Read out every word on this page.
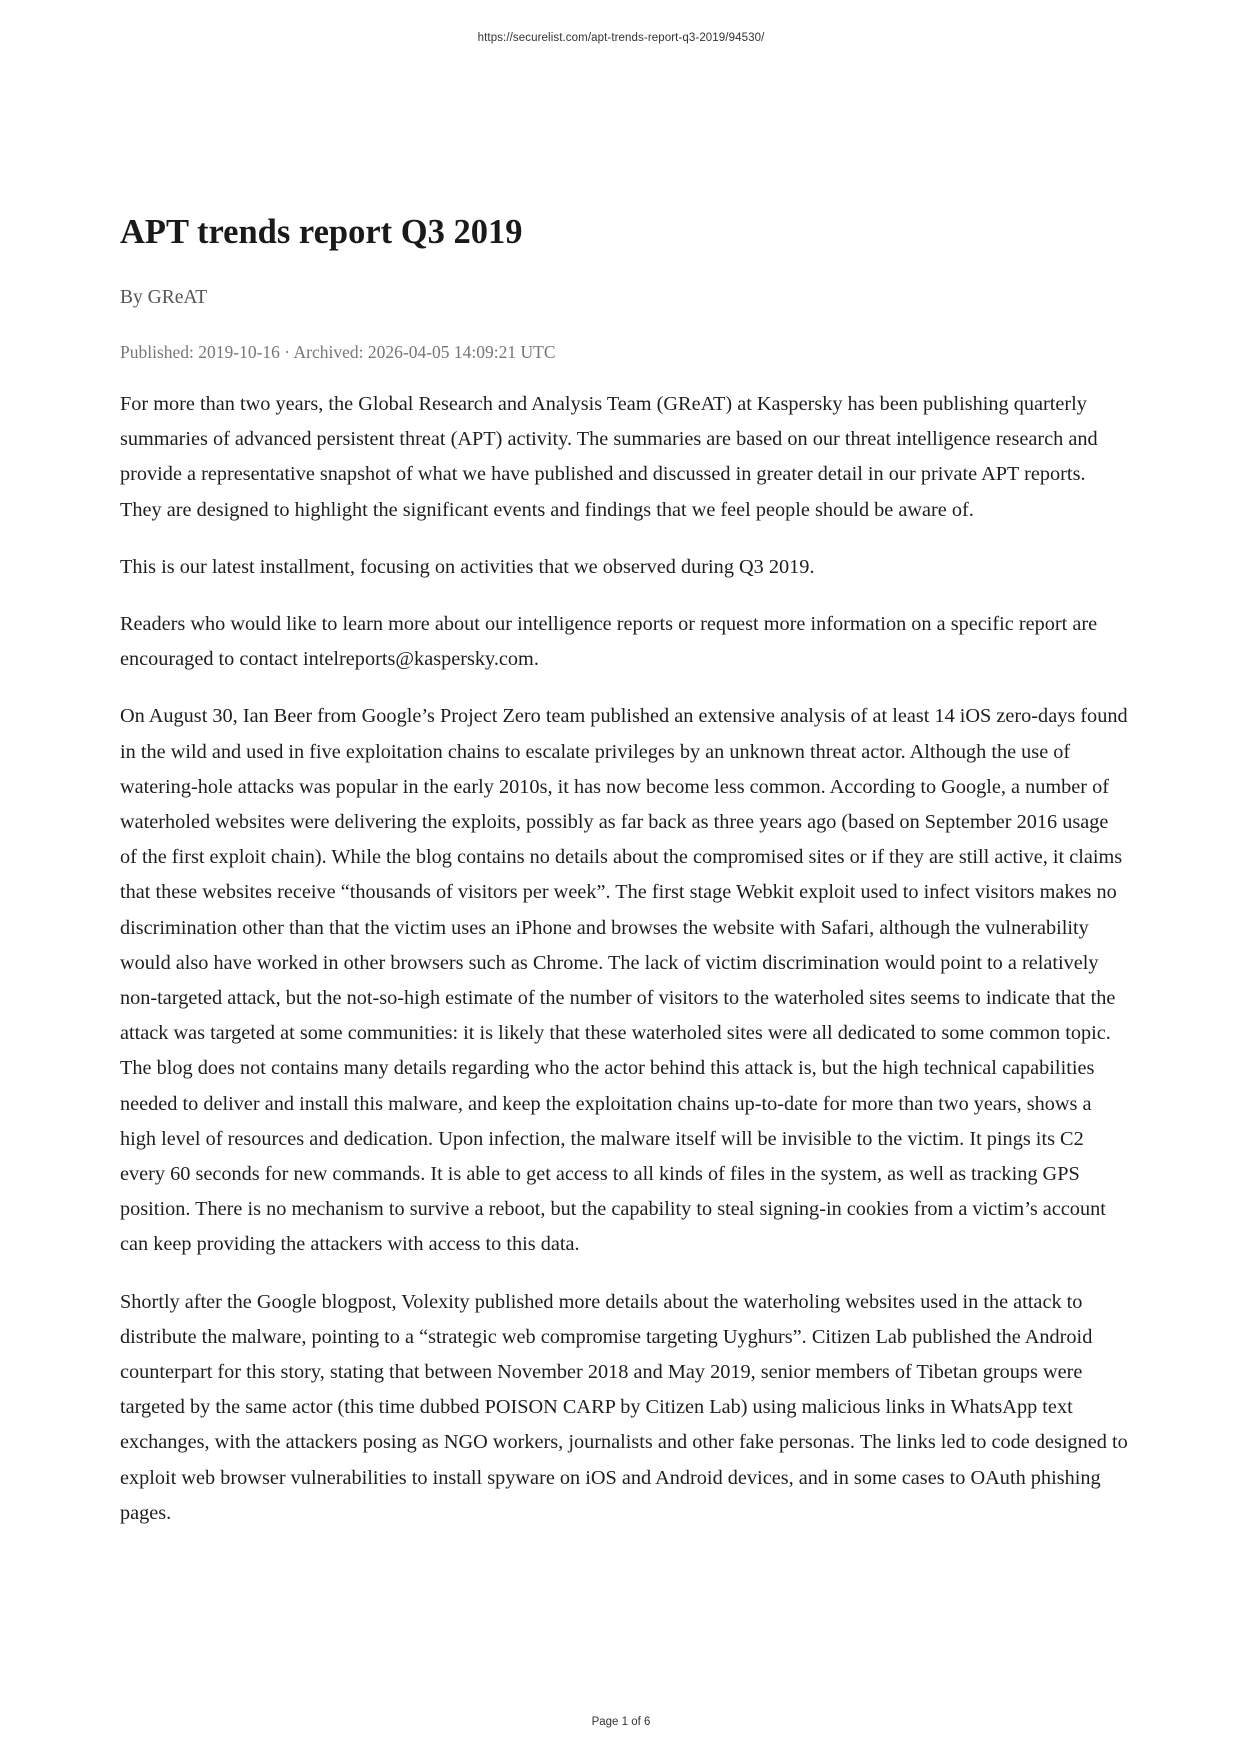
https://securelist.com/apt-trends-report-q3-2019/94530/
APT trends report Q3 2019
By GReAT
Published: 2019-10-16 · Archived: 2026-04-05 14:09:21 UTC

For more than two years, the Global Research and Analysis Team (GReAT) at Kaspersky has been publishing quarterly summaries of advanced persistent threat (APT) activity. The summaries are based on our threat intelligence research and provide a representative snapshot of what we have published and discussed in greater detail in our private APT reports. They are designed to highlight the significant events and findings that we feel people should be aware of.

This is our latest installment, focusing on activities that we observed during Q3 2019.

Readers who would like to learn more about our intelligence reports or request more information on a specific report are encouraged to contact intelreports@kaspersky.com.

On August 30, Ian Beer from Google’s Project Zero team published an extensive analysis of at least 14 iOS zero-days found in the wild and used in five exploitation chains to escalate privileges by an unknown threat actor. Although the use of watering-hole attacks was popular in the early 2010s, it has now become less common. According to Google, a number of waterholed websites were delivering the exploits, possibly as far back as three years ago (based on September 2016 usage of the first exploit chain). While the blog contains no details about the compromised sites or if they are still active, it claims that these websites receive “thousands of visitors per week”. The first stage Webkit exploit used to infect visitors makes no discrimination other than that the victim uses an iPhone and browses the website with Safari, although the vulnerability would also have worked in other browsers such as Chrome. The lack of victim discrimination would point to a relatively non-targeted attack, but the not-so-high estimate of the number of visitors to the waterholed sites seems to indicate that the attack was targeted at some communities: it is likely that these waterholed sites were all dedicated to some common topic. The blog does not contains many details regarding who the actor behind this attack is, but the high technical capabilities needed to deliver and install this malware, and keep the exploitation chains up-to-date for more than two years, shows a high level of resources and dedication. Upon infection, the malware itself will be invisible to the victim. It pings its C2 every 60 seconds for new commands. It is able to get access to all kinds of files in the system, as well as tracking GPS position. There is no mechanism to survive a reboot, but the capability to steal signing-in cookies from a victim’s account can keep providing the attackers with access to this data.

Shortly after the Google blogpost, Volexity published more details about the waterholing websites used in the attack to distribute the malware, pointing to a “strategic web compromise targeting Uyghurs”. Citizen Lab published the Android counterpart for this story, stating that between November 2018 and May 2019, senior members of Tibetan groups were targeted by the same actor (this time dubbed POISON CARP by Citizen Lab) using malicious links in WhatsApp text exchanges, with the attackers posing as NGO workers, journalists and other fake personas. The links led to code designed to exploit web browser vulnerabilities to install spyware on iOS and Android devices, and in some cases to OAuth phishing pages.

Page 1 of 6
